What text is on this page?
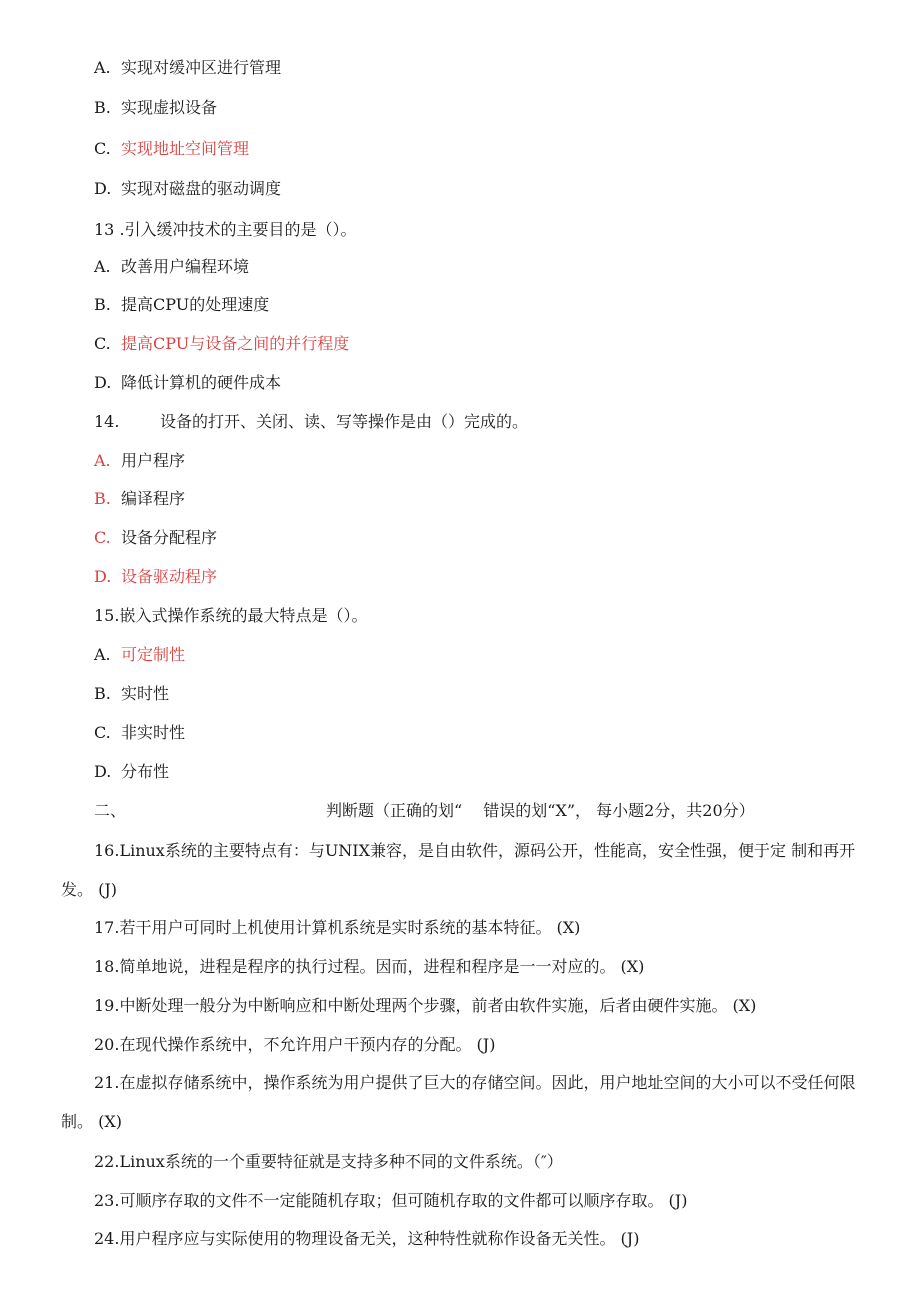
A. 实现对缓冲区进行管理
B. 实现虚拟设备
C. 实现地址空间管理
D. 实现对磁盘的驱动调度
13 .引入缓冲技术的主要目的是（）。
A. 改善用户编程环境
B. 提高CPU的处理速度
C. 提高CPU与设备之间的并行程度
D. 降低计算机的硬件成本
14.	设备的打开、关闭、读、写等操作是由（）完成的。
A. 用户程序
B. 编译程序
C. 设备分配程序
D. 设备驱动程序
15.嵌入式操作系统的最大特点是（）。
A. 可定制性
B. 实时性
C. 非实时性
D. 分布性
二、	判断题（正确的划“　 错误的划“X”， 每小题2分，共20分）
16.Linux系统的主要特点有：与UNIX兼容，是自由软件，源码公开，性能高，安全性强，便于定 制和再开发。 (J)
17.若干用户可同时上机使用计算机系统是实时系统的基本特征。 (X)
18.简单地说，进程是程序的执行过程。因而，进程和程序是一一对应的。 (X)
19.中断处理一般分为中断响应和中断处理两个步骤，前者由软件实施，后者由硬件实施。 (X)
20.在现代操作系统中，不允许用户干预内存的分配。 (J)
21.在虚拟存储系统中，操作系统为用户提供了巨大的存储空间。因此，用户地址空间的大小可以不受任何限制。 (X)
22.Linux系统的一个重要特征就是支持多种不同的文件系统。（″）
23.可顺序存取的文件不一定能随机存取；但可随机存取的文件都可以顺序存取。 (J)
24.用户程序应与实际使用的物理设备无关，这种特性就称作设备无关性。 (J)
